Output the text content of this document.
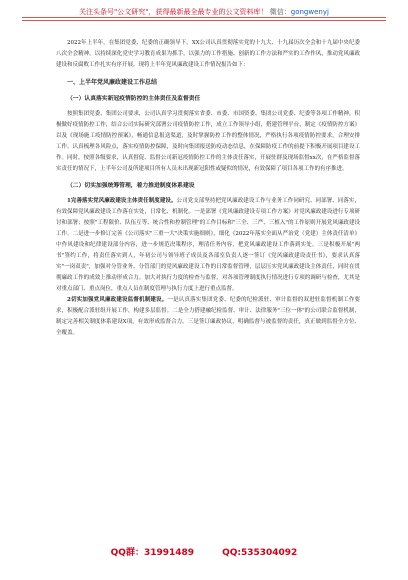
关注头条号"公文研究"，获得最新最全最专业的公文资料库！ 微信：gongwenyj

2022年上半年，在集团党委、纪委的正确领导下，XX公司认真贯彻落实党的十九大、十九届历次全会和十九届中央纪委八次全会精神，以持续深化党史学习教育成果为抓手，以强力的工作措施、创新的工作方法和严实的工作作风，推动党风廉政建设和反腐败工作扎实有序开展。现将上半年党风廉政建设工作情况报告如下：

一、上半年党风廉政建设工作总结

（一）认真落实新冠疫情防控的主体责任及监督责任

按照集团党委、集团公司要求，公司认真学习贯彻落实省委、市委、市国资委、集团公司党委、纪委等各项工作精神，积极做好疫情防控工作，结合公司实际研究部署公司疫情防控工作，成立工作领导小组，搭建管理平台，制定《疫情防控方案》以及《现场施工疫情防控预案》，畅通信息报送渠道，及时掌握防控工作的整体情况，严格执行各项疫情防控要求，合理安排工作。认真梳理各风险点，落实疫情防控保障，及时向集团报送防疫动态信息，在保障防疫工作的前提下积极开展项目建设工作。同时，按照各级要求，认真督促、监督公司新冠疫情防控工作的主体责任落实，开展驻群及现场监督xx次，在严格监督落实责任的情况下，上半年公司及所建项目所有人员未出现新冠阳性或疑似的情况，有效保障了项目各项工作的有序推进。

（二）切实加强统筹管理，着力推进制度体系建设

1完善落实党风廉政建设主体责任制度建设。公司党支部坚持把党风廉政建设工作与业务工作同研究、同部署、同落实，有效保障党风廉政建设工作落在实处，日常化、机制化。一是部署《党风廉政建设专项工作方案》对党风廉政建设进行专项研讨和部署；按照"工程限价、队伍互等、统合性和控制管理"的工作目标和"三全、三严、三植入"的工作原则开展党风廉政建设工作。二是进一步修订完善《公司落实"三重一大"决策实施细则》，细化《2022年落实全面从严治党（党建）主体责任清单》中作风建设和纪律建设部分内容，进一步规范决策程序，理清任务内容，把党风廉政建设工作落到实处。三是积极开展"两书"签约工作，将责任落实到人，年初公司与领导班子成员及各部室负责人逐一签订《党风廉政建设责任书》，要求认真落实"一岗双责"，加强对分管业务、分管部门的党风廉政建设工作的日常监督管理，层层压实党风廉政建设主体责任，同时在贯彻廉政工作的成效上推动形成合力。加大对执行力度的检查与监督，对各项管理制度执行情况进行专项的调研与检查，尤其是对重点部门、重点岗位，重点人员在制度管理与执行力度上进行重点监督。

2切实加强党风廉政建设监督机制建设。一是认真落实集团党委、纪委的纪检派驻、审计监督的双进驻监督机制工作要求，积极配合派驻组开展工作，构建多层监督。二是全力搭建融纪检监督、审计、法律服务"三位一体"的公司联合监督机制，制定完善相关制度体系建设X项，有效形成监督合力。三是签订廉政协议，明确监督与被监督的责任，真正做到监督全方位、全覆盖。

QQ群：31991489	QQ:535304092
